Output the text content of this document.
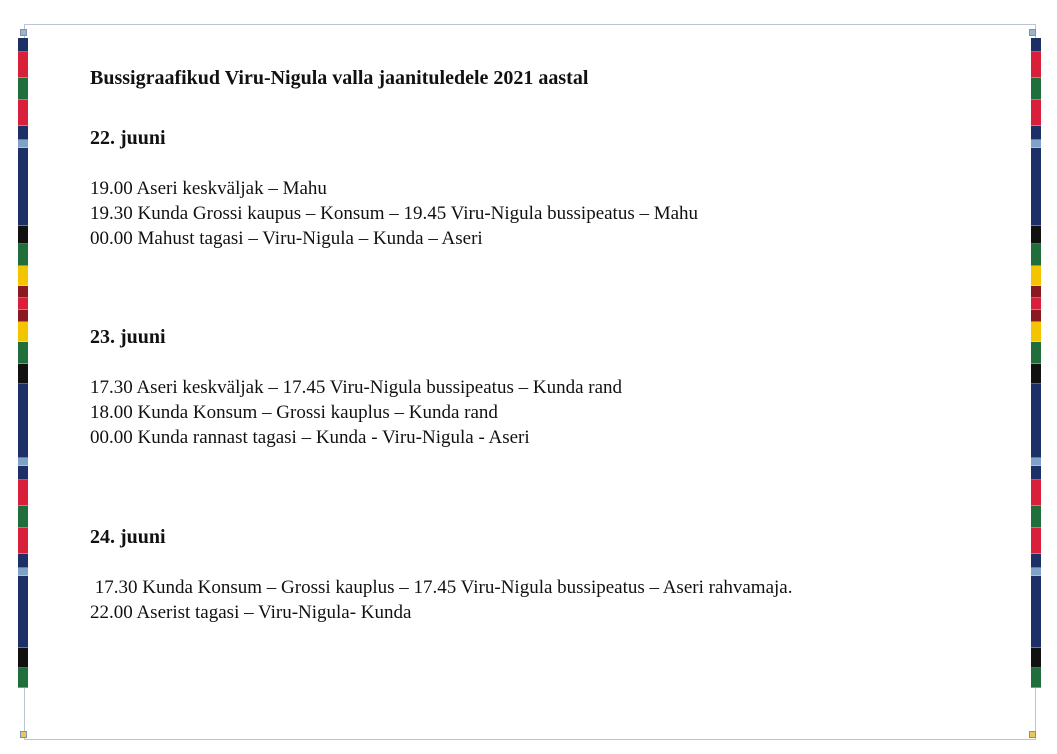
Bussigraafikud Viru-Nigula valla jaanituledele 2021 aastal
22. juuni
19.00 Aseri keskväljak – Mahu
19.30 Kunda Grossi kaupus – Konsum – 19.45 Viru-Nigula bussipeatus – Mahu
00.00 Mahust tagasi – Viru-Nigula – Kunda – Aseri
23. juuni
17.30 Aseri keskväljak – 17.45 Viru-Nigula bussipeatus – Kunda rand
18.00 Kunda Konsum – Grossi kauplus – Kunda rand
00.00 Kunda rannast tagasi – Kunda - Viru-Nigula - Aseri
24. juuni
17.30 Kunda Konsum – Grossi kauplus – 17.45 Viru-Nigula bussipeatus – Aseri rahvamaja.
22.00 Aserist tagasi – Viru-Nigula- Kunda
